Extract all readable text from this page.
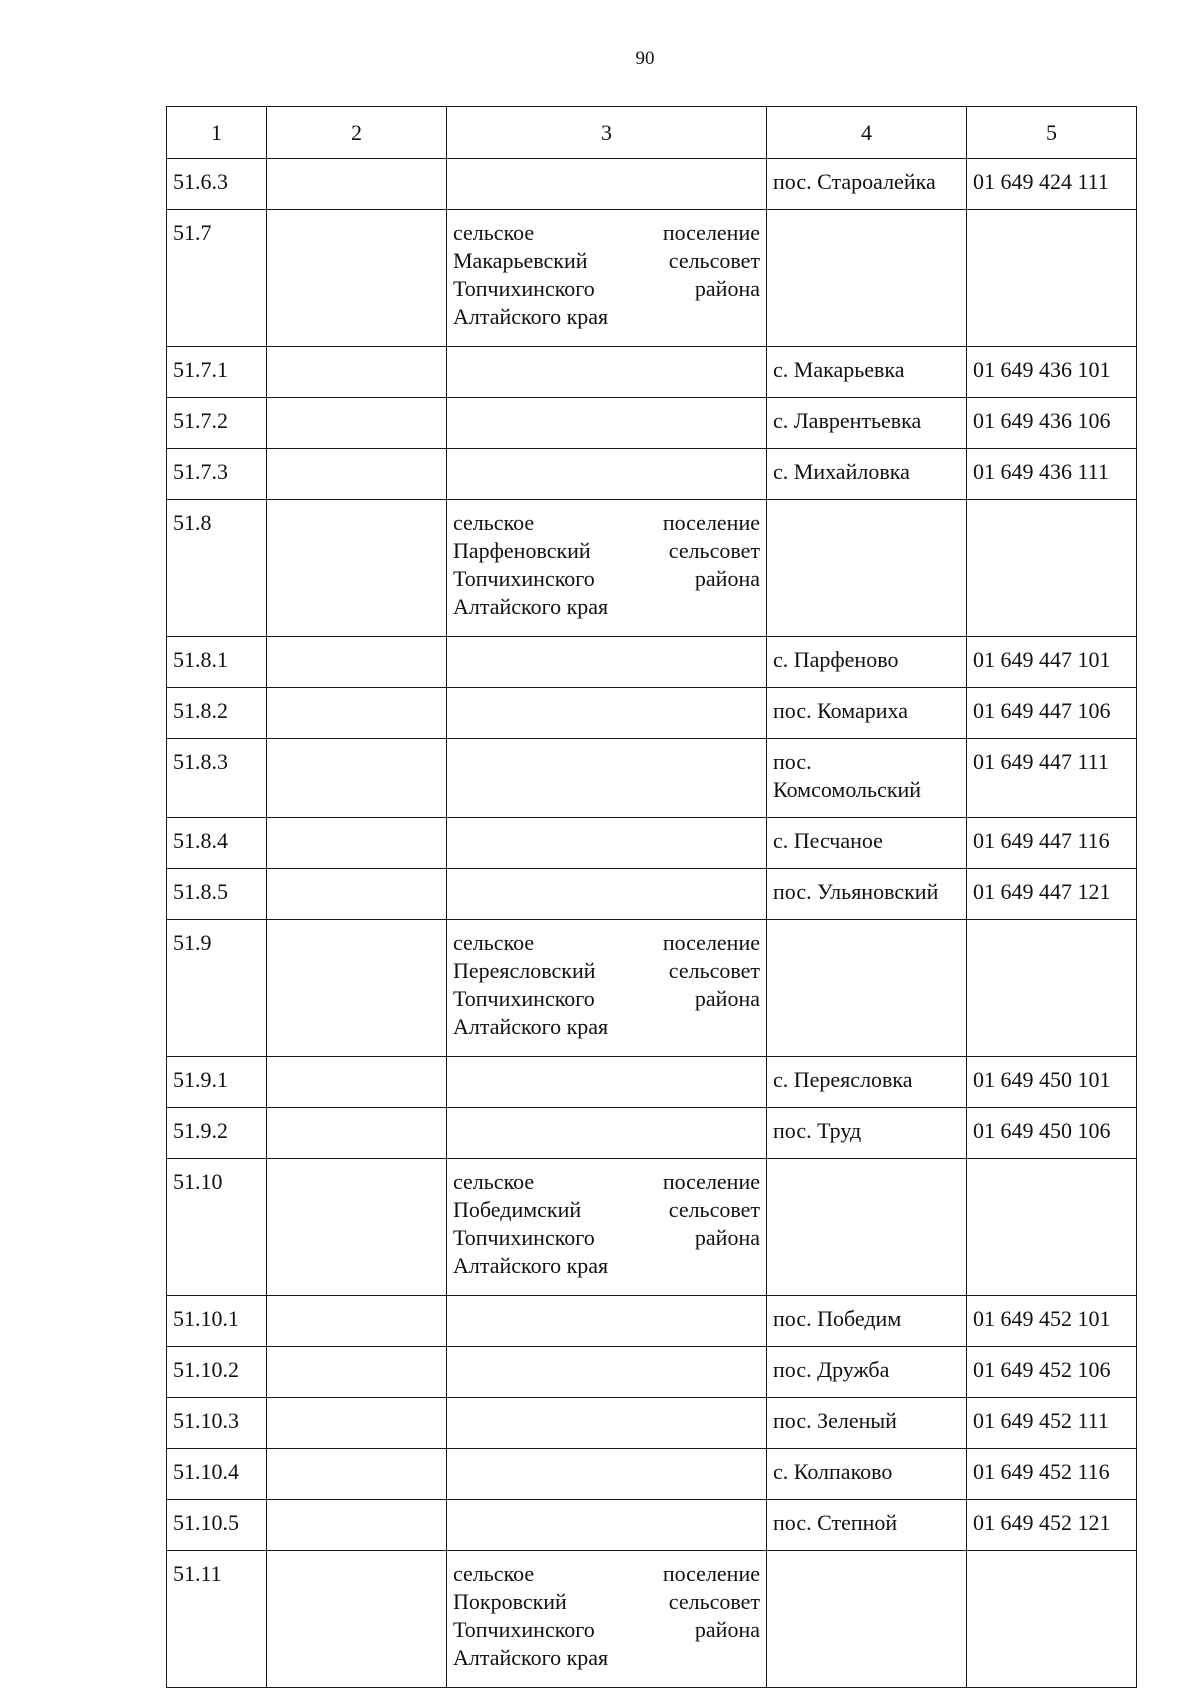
90
1	2	3	4	5
51.6.3			пос. Староалейка	01 649 424 111
51.7		сельское поселение
Макарьевский сельсовет
Топчихинского района
Алтайского края		

51.7.1			с. Макарьевка	01 649 436 101
51.7.2			с. Лаврентьевка	01 649 436 106
51.7.3			с. Михайловка	01 649 436 111
51.8		сельское поселение
Парфеновский сельсовет
Топчихинского района
Алтайского края		

51.8.1			с. Парфеново	01 649 447 101
51.8.2			пос. Комариха	01 649 447 106
51.8.3			пос. Комсомольский	01 649 447 111
51.8.4			с. Песчаное	01 649 447 116
51.8.5			пос. Ульяновский	01 649 447 121
51.9		сельское поселение
Переясловский сельсовет
Топчихинского района
Алтайского края		

51.9.1			с. Переясловка	01 649 450 101
51.9.2			пос. Труд	01 649 450 106
51.10		сельское поселение
Победимский сельсовет
Топчихинского района
Алтайского края		

51.10.1			пос. Победим	01 649 452 101
51.10.2			пос. Дружба	01 649 452 106
51.10.3			пос. Зеленый	01 649 452 111
51.10.4			с. Колпаково	01 649 452 116
51.10.5			пос. Степной	01 649 452 121
51.11		сельское поселение
Покровский сельсовет
Топчихинского района
Алтайского края		
